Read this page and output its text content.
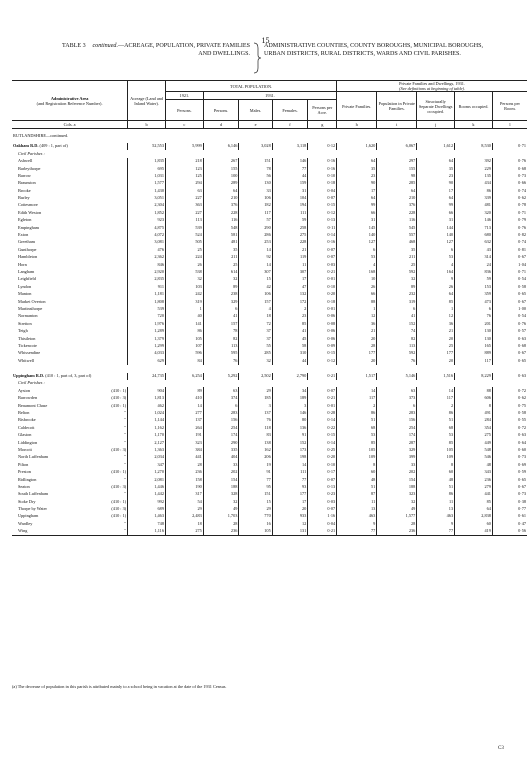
15
TABLE 3 continued.—ACREAGE, POPULATION, PRIVATE FAMILIES AND DWELLINGS.
ADMINISTRATIVE COUNTIES, COUNTY BOROUGHS, MUNICIPAL BOROUGHS, URBAN DISTRICTS, RURAL DISTRICTS, WARDS AND CIVIL PARISHES.
Administrative Area
(and Registration Reference Number).	Acreage (Land and Inland Water).	TOTAL POPULATION.					Private Families and Dwellings, 1931.
(See definitions at beginning of table).				
		1921.	1931.				Private Families.	Population in Private Families.	Structurally Separate Dwellings occupied.	Rooms occupied.	Persons per Room.
		Persons.	Persons.	Males.	Females.	Persons per Acre.					
Cols. a	b	c	d	e	f	g	h	i	j	k	l

RUTLANDSHIRE—continued.											

Oakham R.D. (409 : 1, part of)	52,553	5,999	6,146	3,028	3,118	0·12	1,620	6,067	1,612	8,530	0·71
Civil Parishes :											
Ashwell	1,835	218	267	151	146	0·16	64	297	64	392	0·76
Barleythorpe	695	123	155	78	77	0·16	35	155	35	229	0·68
Barrow	1,031	125	100	56	44	0·10	23	98	23	135	0·73
Braunston	1,577	294	289	130	159	0·18	90	285	90	434	0·66
Brooke	1,430	63	64	33	31	0·04	17	64	17	86	0·74
Burley	3,051	227	210	106	104	0·07	64	210	64	339	0·62
Cottesmore	2,304	363	376	182	194	0·15	99	376	99	481	0·78
Edith Weston	1,852	227	228	117	111	0·12	66	228	66	320	0·71
Egleton	923	113	116	57	59	0·13	31	116	31	146	0·79
Empingham	4,875	539	548	290	258	0·11	145	545	144	713	0·76
Exton	4,072	524	581	286	275	0·14	140	557	140	680	0·82
Greetham	3,081	505	481	253	228	0·16	127	468	127	632	0·74
Gunthorpe	476	25	35	14	21	0·07	6	35	6	43	0·81
Hambleton	2,362	224	211	92	119	0·07	53	211	53	314	0·67
Horn	846	26	25	14	11	0·03	4	25	4	24	1·04
Langham	2,920	538	614	307	307	0·21	168	592	164	836	0·71
Leighfield	2,835	32	32	15	17	0·01	10	32	9	59	0·54
Lyndon	911	103	89	42	47	0·10	26	89	26	153	0·58
Manton	1,181	242	238	106	132	0·20	66	232	64	359	0·65
Market Overton	1,808	319	329	157	172	0·18	88	319	85	473	0·67
Martinsthorpe	539	1	6	4	2	0·01	1	6	1	6	1·00
Normanton	720	40	41	18	23	0·06	12	41	12	76	0·54
Stretton	1,976	141	157	72	85	0·08	36	152	36	201	0·76
Teigh	1,289	86	78	37	41	0·06	21	74	21	130	0·57
Thistleton	1,379	105	82	37	45	0·06	20	82	20	130	0·63
Tickencote	1,299	107	113	55	58	0·09	28	113	25	165	0·68
Whissendine	4,033	596	595	285	310	0·15	177	592	177	889	0·67
Whitwell	629	84	76	32	44	0·12	20	76	20	117	0·65

Uppingham R.D. (410 : 1, part of, 3, part of)	24,735	6,254	5,292	2,502	2,790	0·21	1,517	5,146	1,516	8,229	0·63
Civil Parishes :											
Ayston (410 : 1)	904	89	63	29	34	0·07	14	63	14	88	0·72
Barrowden (410 : 3)	1,813	410	374	185	189	0·21	117	373	117	606	0·62
Beaumont Chase (410 : 1)	462	14	6	3	3	0·01	2	6	2	8	0·75
Belton "	1,024	277	283	137	146	0·28	86	283	86	491	0·58
Bisbrooke "	1,144	137	156	76	80	0·14	51	156	51	284	0·55
Caldecott "	1,162	264	254	118	136	0·22	68	254	68	354	0·72
Glaston "	1,170	191	174	83	91	0·15	53	174	53	275	0·63
Liddington "	2,127	323	290	138	152	0·14	85	287	85	449	0·64
Morcott (410 : 3)	1,363	384	335	162	173	0·25	105	329	105	548	0·60
North Luffenham "	2,034	441	404	206	198	0·20	109	399	109	546	0·73
Pilton "	347	28	33	19	14	0·10	8	33	8	48	0·69
Preston (410 : 1)	1,270	236	202	91	111	0·17	60	202	60	343	0·59
Ridlington "	2,081	158	154	77	77	0·07	48	154	48	236	0·65
Seaton (410 : 3)	1,446	190	188	95	93	0·13	51	188	51	279	0·67
South Luffenham "	1,442	317	328	151	177	0·23	87	323	86	441	0·73
Stoke Dry (410 : 1)	992	54	32	15	17	0·03	11	32	11	85	0·38
Thorpe by Water (410 : 3)	689	29	49	29	20	0·07	13	49	13	64	0·77
Uppingham (410 : 1)	1,463	2,483	1,703	770	933	1·16	463	1,577	463	2,838	0·61
Wardley "	748	18	28	16	12	0·04	9	28	9	60	0·47
Wing "	1,116	275	236	105	131	0·21	77	236	77	419	0·56
(a) The decrease of population in this parish is attributed mainly to a school being in vacation at the date of the 1931 Census.
C3
